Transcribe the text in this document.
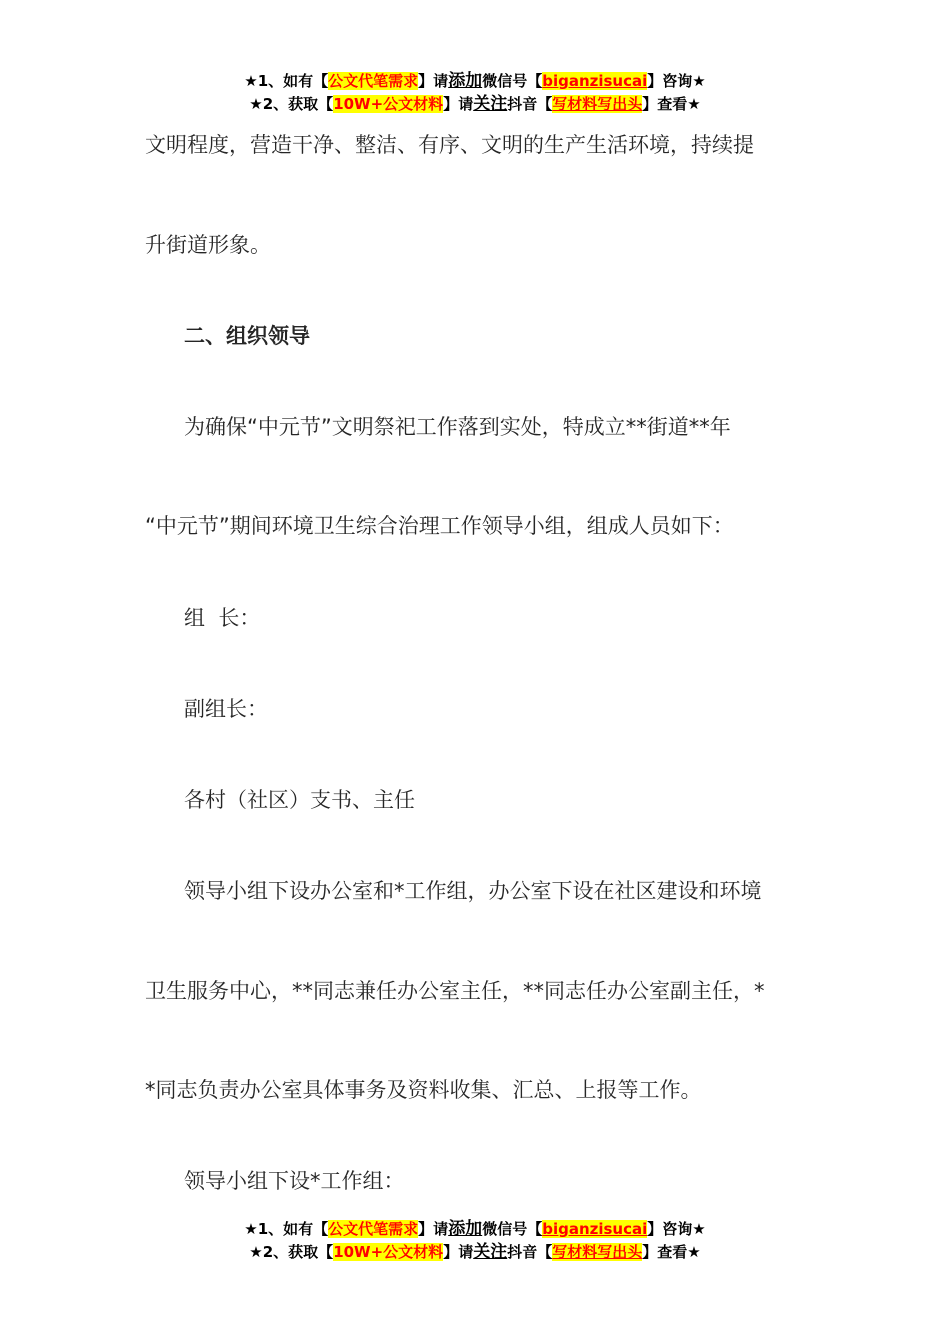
★1、如有【公文代笔需求】请添加微信号【biganzisucai】咨询★
★2、获取【10W+公文材料】请关注抖音【写材料写出头】查看★
文明程度，营造干净、整洁、有序、文明的生产生活环境，持续提
升街道形象。
二、组织领导
为确保“中元节”文明祭祀工作落到实处，特成立**街道**年
“中元节”期间环境卫生综合治理工作领导小组，组成人员如下：
组  长：
副组长：
各村（社区）支书、主任
领导小组下设办公室和*工作组，办公室下设在社区建设和环境
卫生服务中心，**同志兼任办公室主任，**同志任办公室副主任，*
*同志负责办公室具体事务及资料收集、汇总、上报等工作。
领导小组下设*工作组：
★1、如有【公文代笔需求】请添加微信号【biganzisucai】咨询★
★2、获取【10W+公文材料】请关注抖音【写材料写出头】查看★
